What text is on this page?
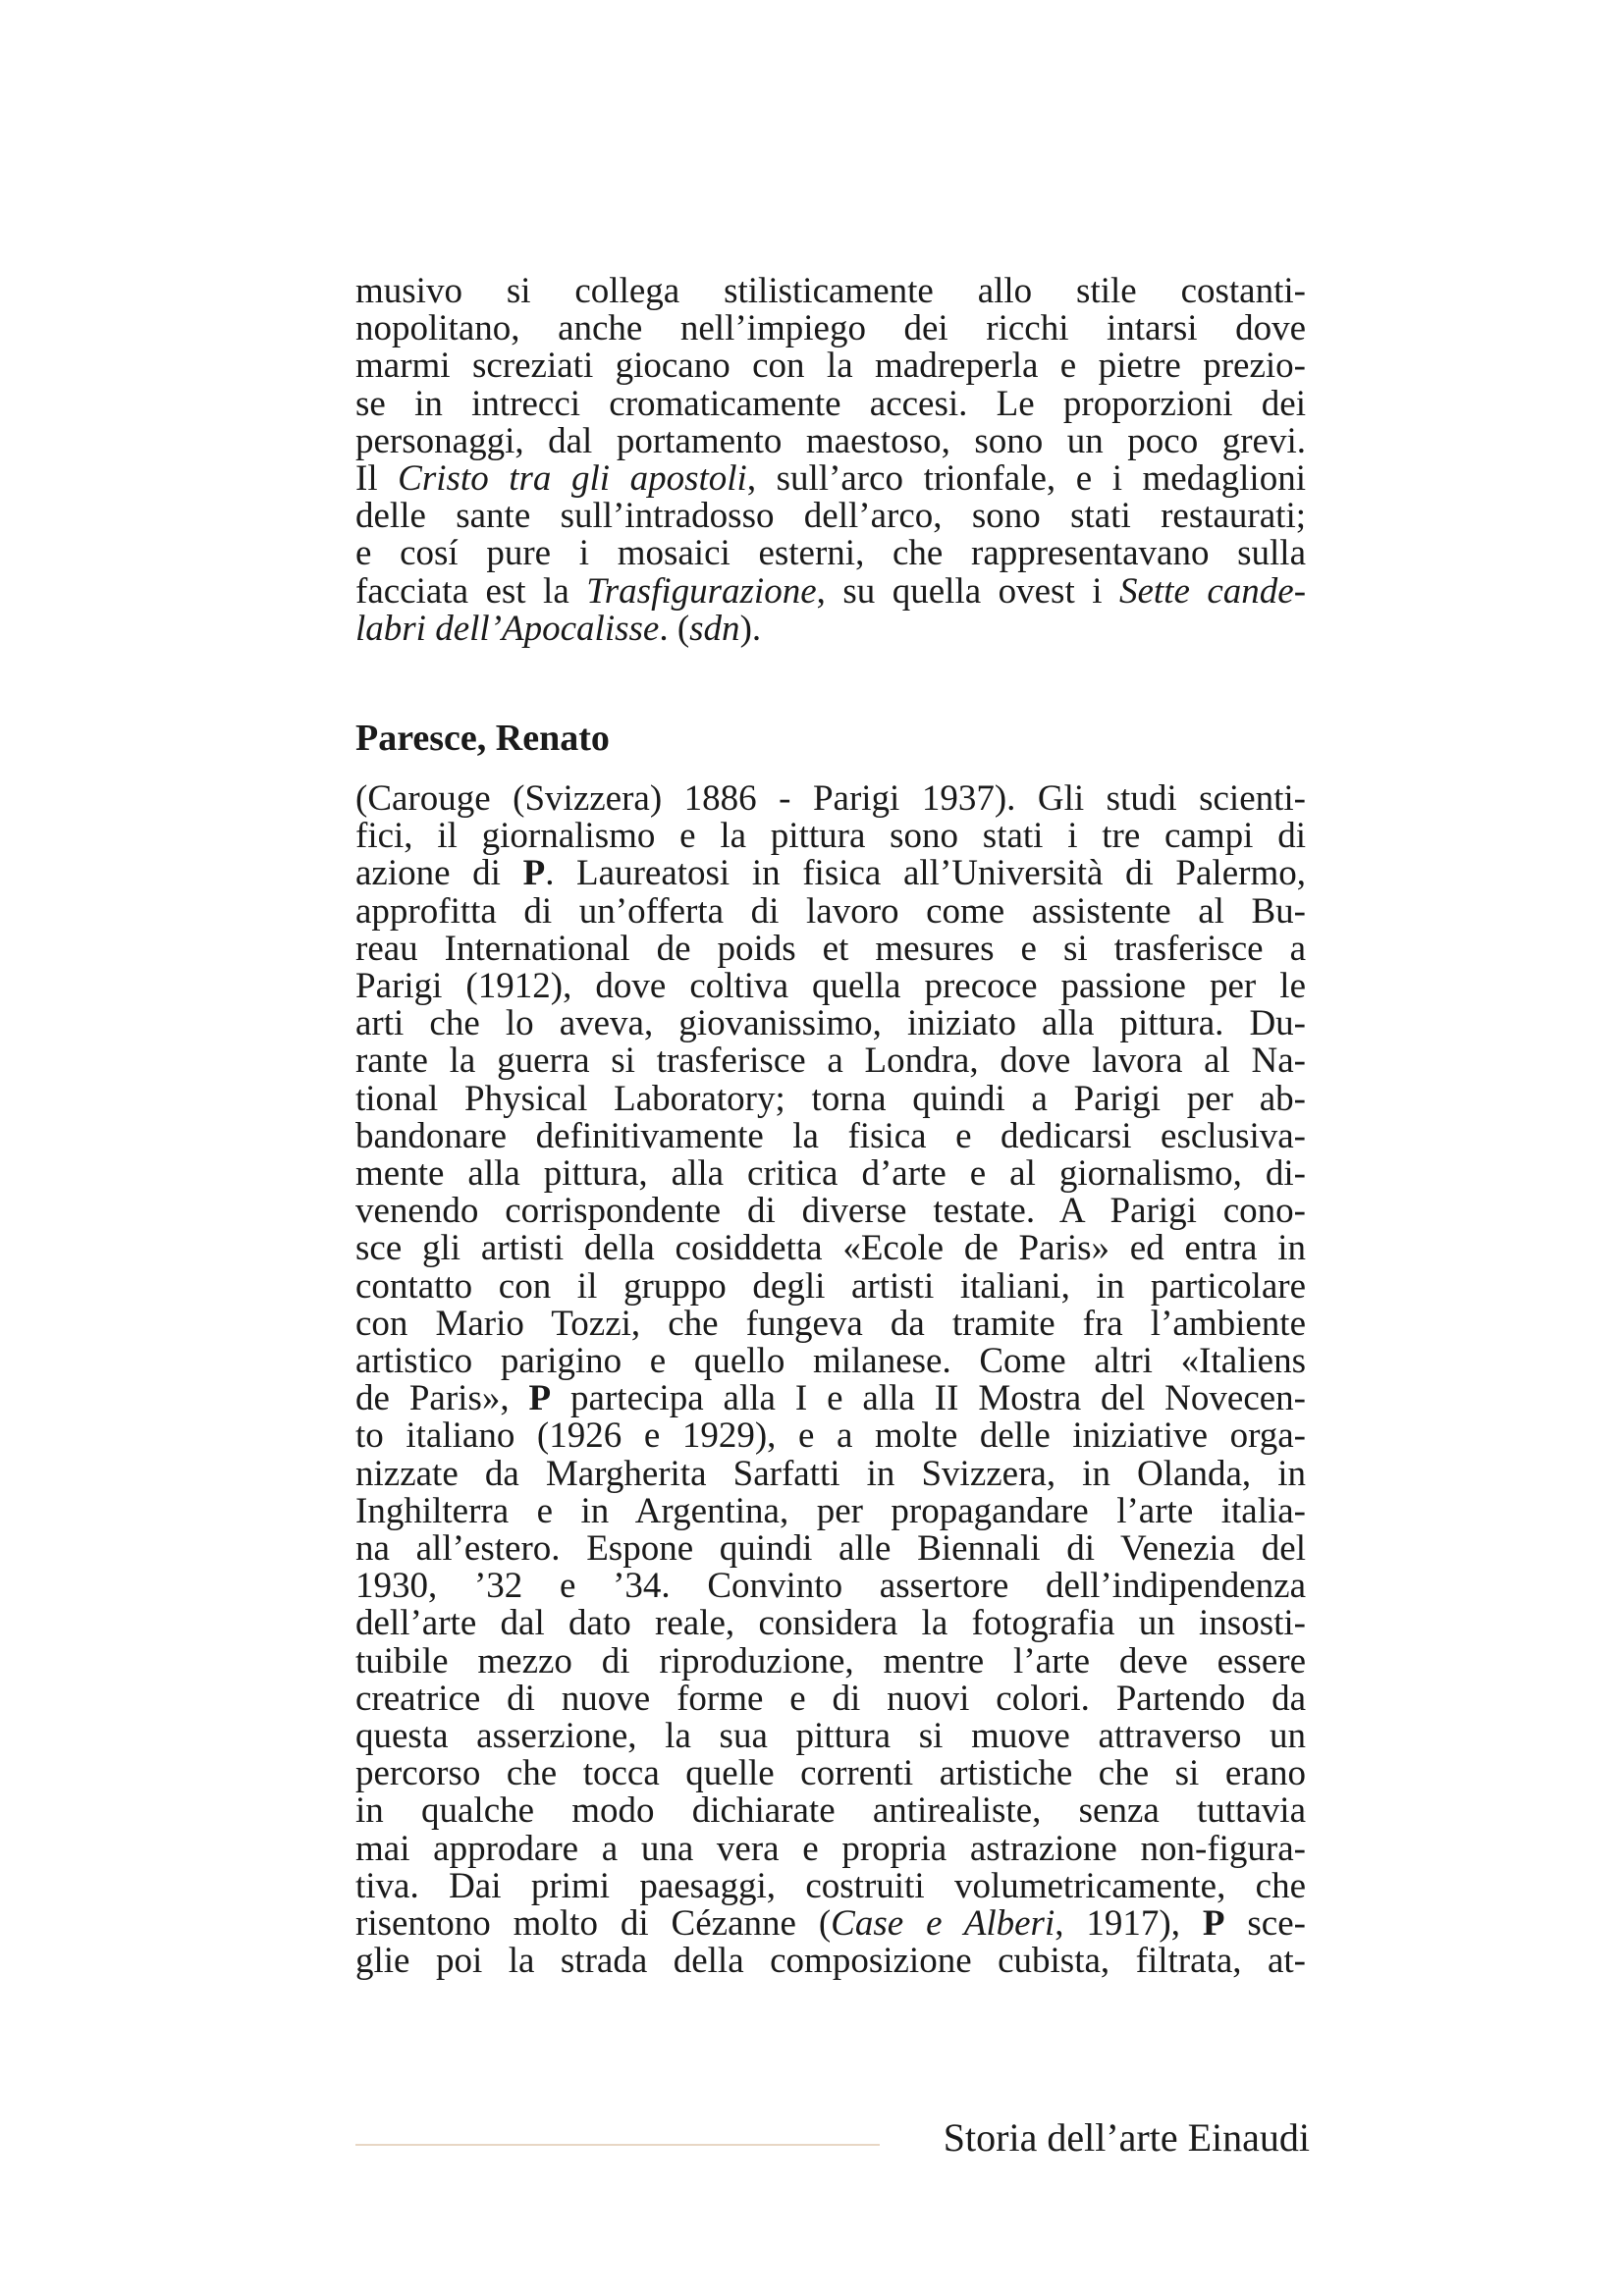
musivo si collega stilisticamente allo stile costanti-
nopolitano, anche nell’impiego dei ricchi intarsi dove
marmi screziati giocano con la madreperla e pietre prezio-
se in intrecci cromaticamente accesi. Le proporzioni dei
personaggi, dal portamento maestoso, sono un poco grevi.
Il Cristo tra gli apostoli, sull’arco trionfale, e i medaglioni
delle sante sull’intradosso dell’arco, sono stati restaurati;
e cosí pure i mosaici esterni, che rappresentavano sulla
facciata est la Trasfigurazione, su quella ovest i Sette cande-
labri dell’Apocalisse. (sdn).
Paresce, Renato
(Carouge (Svizzera) 1886 - Parigi 1937). Gli studi scienti-
fici, il giornalismo e la pittura sono stati i tre campi di
azione di P. Laureatosi in fisica all’Università di Palermo,
approfitta di un’offerta di lavoro come assistente al Bu-
reau International de poids et mesures e si trasferisce a
Parigi (1912), dove coltiva quella precoce passione per le
arti che lo aveva, giovanissimo, iniziato alla pittura. Du-
rante la guerra si trasferisce a Londra, dove lavora al Na-
tional Physical Laboratory; torna quindi a Parigi per ab-
bandonare definitivamente la fisica e dedicarsi esclusiva-
mente alla pittura, alla critica d’arte e al giornalismo, di-
venendo corrispondente di diverse testate. A Parigi cono-
sce gli artisti della cosiddetta «Ecole de Paris» ed entra in
contatto con il gruppo degli artisti italiani, in particolare
con Mario Tozzi, che fungeva da tramite fra l’ambiente
artistico parigino e quello milanese. Come altri «Italiens
de Paris», P partecipa alla I e alla II Mostra del Novecen-
to italiano (1926 e 1929), e a molte delle iniziative orga-
nizzate da Margherita Sarfatti in Svizzera, in Olanda, in
Inghilterra e in Argentina, per propagandare l’arte italia-
na all’estero. Espone quindi alle Biennali di Venezia del
1930, ’32 e ’34. Convinto assertore dell’indipendenza
dell’arte dal dato reale, considera la fotografia un insosti-
tuibile mezzo di riproduzione, mentre l’arte deve essere
creatrice di nuove forme e di nuovi colori. Partendo da
questa asserzione, la sua pittura si muove attraverso un
percorso che tocca quelle correnti artistiche che si erano
in qualche modo dichiarate antirealiste, senza tuttavia
mai approdare a una vera e propria astrazione non-figura-
tiva. Dai primi paesaggi, costruiti volumetricamente, che
risentono molto di Cézanne (Case e Alberi, 1917), P sce-
glie poi la strada della composizione cubista, filtrata, at-
Storia dell’arte Einaudi
